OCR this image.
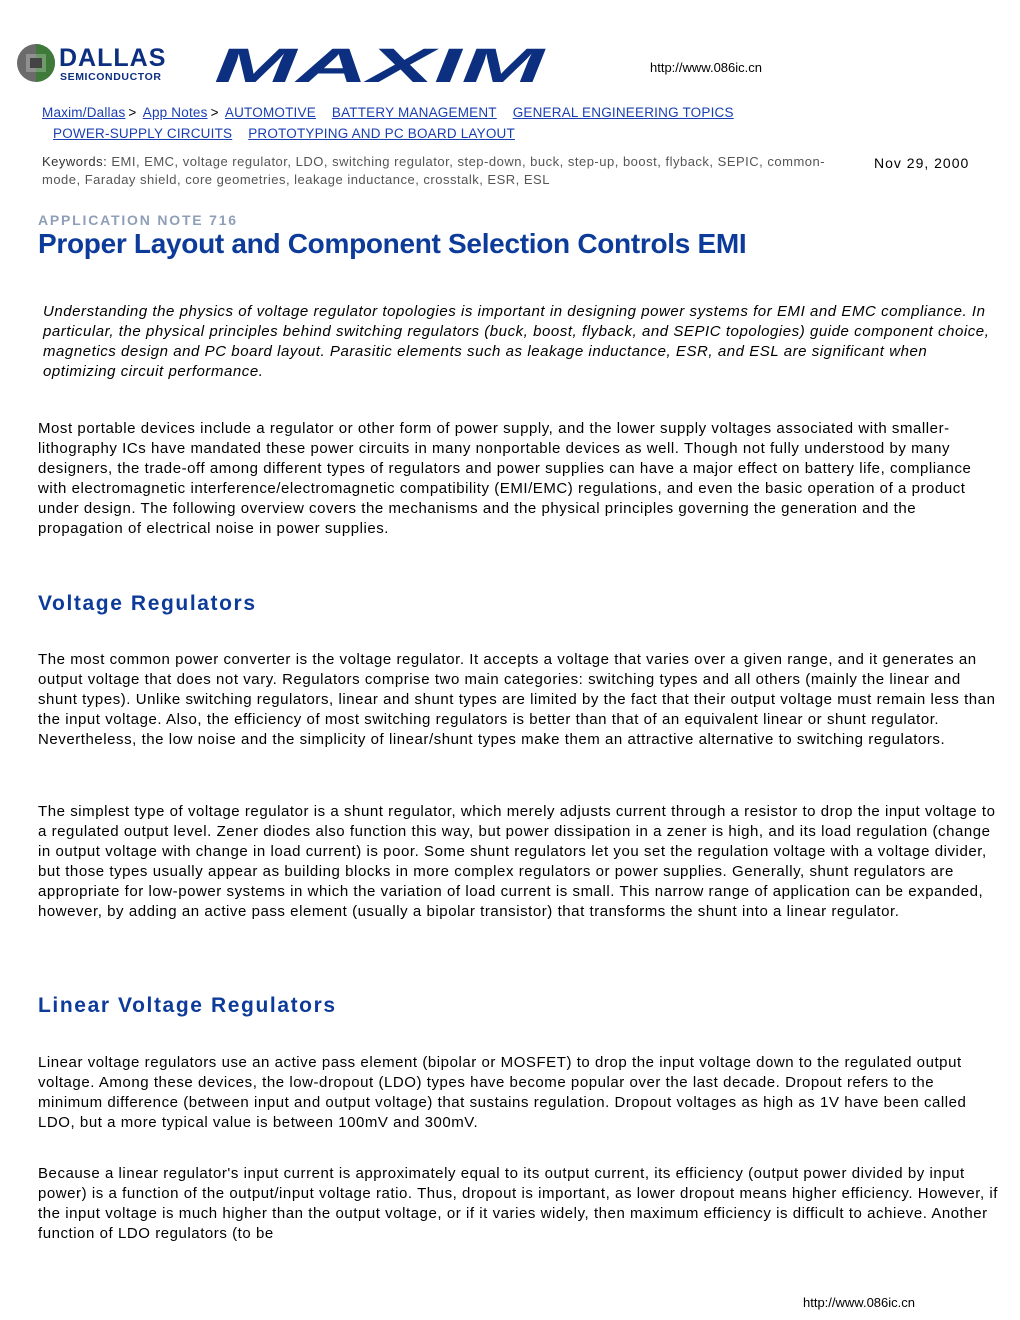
DALLAS
SEMICONDUCTOR MAXIM	http://www.086ic.cn
Maxim/Dallas > App Notes > AUTOMOTIVE BATTERY MANAGEMENT GENERAL ENGINEERING TOPICS
POWER-SUPPLY CIRCUITS PROTOTYPING AND PC BOARD LAYOUT
Keywords: EMI, EMC, voltage regulator, LDO, switching regulator, step-down, buck, step-up, boost, flyback, SEPIC, common-mode, Faraday shield, core geometries, leakage inductance, crosstalk, ESR, ESL
Nov 29, 2000
APPLICATION NOTE 716
Proper Layout and Component Selection Controls EMI

Understanding the physics of voltage regulator topologies is important in designing power systems for EMI and EMC compliance. In particular, the physical principles behind switching regulators (buck, boost, flyback, and SEPIC topologies) guide component choice, magnetics design and PC board layout. Parasitic elements such as leakage inductance, ESR, and ESL are significant when optimizing circuit performance.

Most portable devices include a regulator or other form of power supply, and the lower supply voltages associated with smaller-lithography ICs have mandated these power circuits in many nonportable devices as well. Though not fully understood by many designers, the trade-off among different types of regulators and power supplies can have a major effect on battery life, compliance with electromagnetic interference/electromagnetic compatibility (EMI/EMC) regulations, and even the basic operation of a product under design. The following overview covers the mechanisms and the physical principles governing the generation and the propagation of electrical noise in power supplies.

Voltage Regulators

The most common power converter is the voltage regulator. It accepts a voltage that varies over a given range, and it generates an output voltage that does not vary. Regulators comprise two main categories: switching types and all others (mainly the linear and shunt types). Unlike switching regulators, linear and shunt types are limited by the fact that their output voltage must remain less than the input voltage. Also, the efficiency of most switching regulators is better than that of an equivalent linear or shunt regulator. Nevertheless, the low noise and the simplicity of linear/shunt types make them an attractive alternative to switching regulators.

The simplest type of voltage regulator is a shunt regulator, which merely adjusts current through a resistor to drop the input voltage to a regulated output level. Zener diodes also function this way, but power dissipation in a zener is high, and its load regulation (change in output voltage with change in load current) is poor. Some shunt regulators let you set the regulation voltage with a voltage divider, but those types usually appear as building blocks in more complex regulators or power supplies. Generally, shunt regulators are appropriate for low-power systems in which the variation of load current is small. This narrow range of application can be expanded, however, by adding an active pass element (usually a bipolar transistor) that transforms the shunt into a linear regulator.

Linear Voltage Regulators

Linear voltage regulators use an active pass element (bipolar or MOSFET) to drop the input voltage down to the regulated output voltage. Among these devices, the low-dropout (LDO) types have become popular over the last decade. Dropout refers to the minimum difference (between input and output voltage) that sustains regulation. Dropout voltages as high as 1V have been called LDO, but a more typical value is between 100mV and 300mV.

Because a linear regulator's input current is approximately equal to its output current, its efficiency (output power divided by input power) is a function of the output/input voltage ratio. Thus, dropout is important, as lower dropout means higher efficiency. However, if the input voltage is much higher than the output voltage, or if it varies widely, then maximum efficiency is difficult to achieve. Another function of LDO regulators (to be

http://www.086ic.cn
